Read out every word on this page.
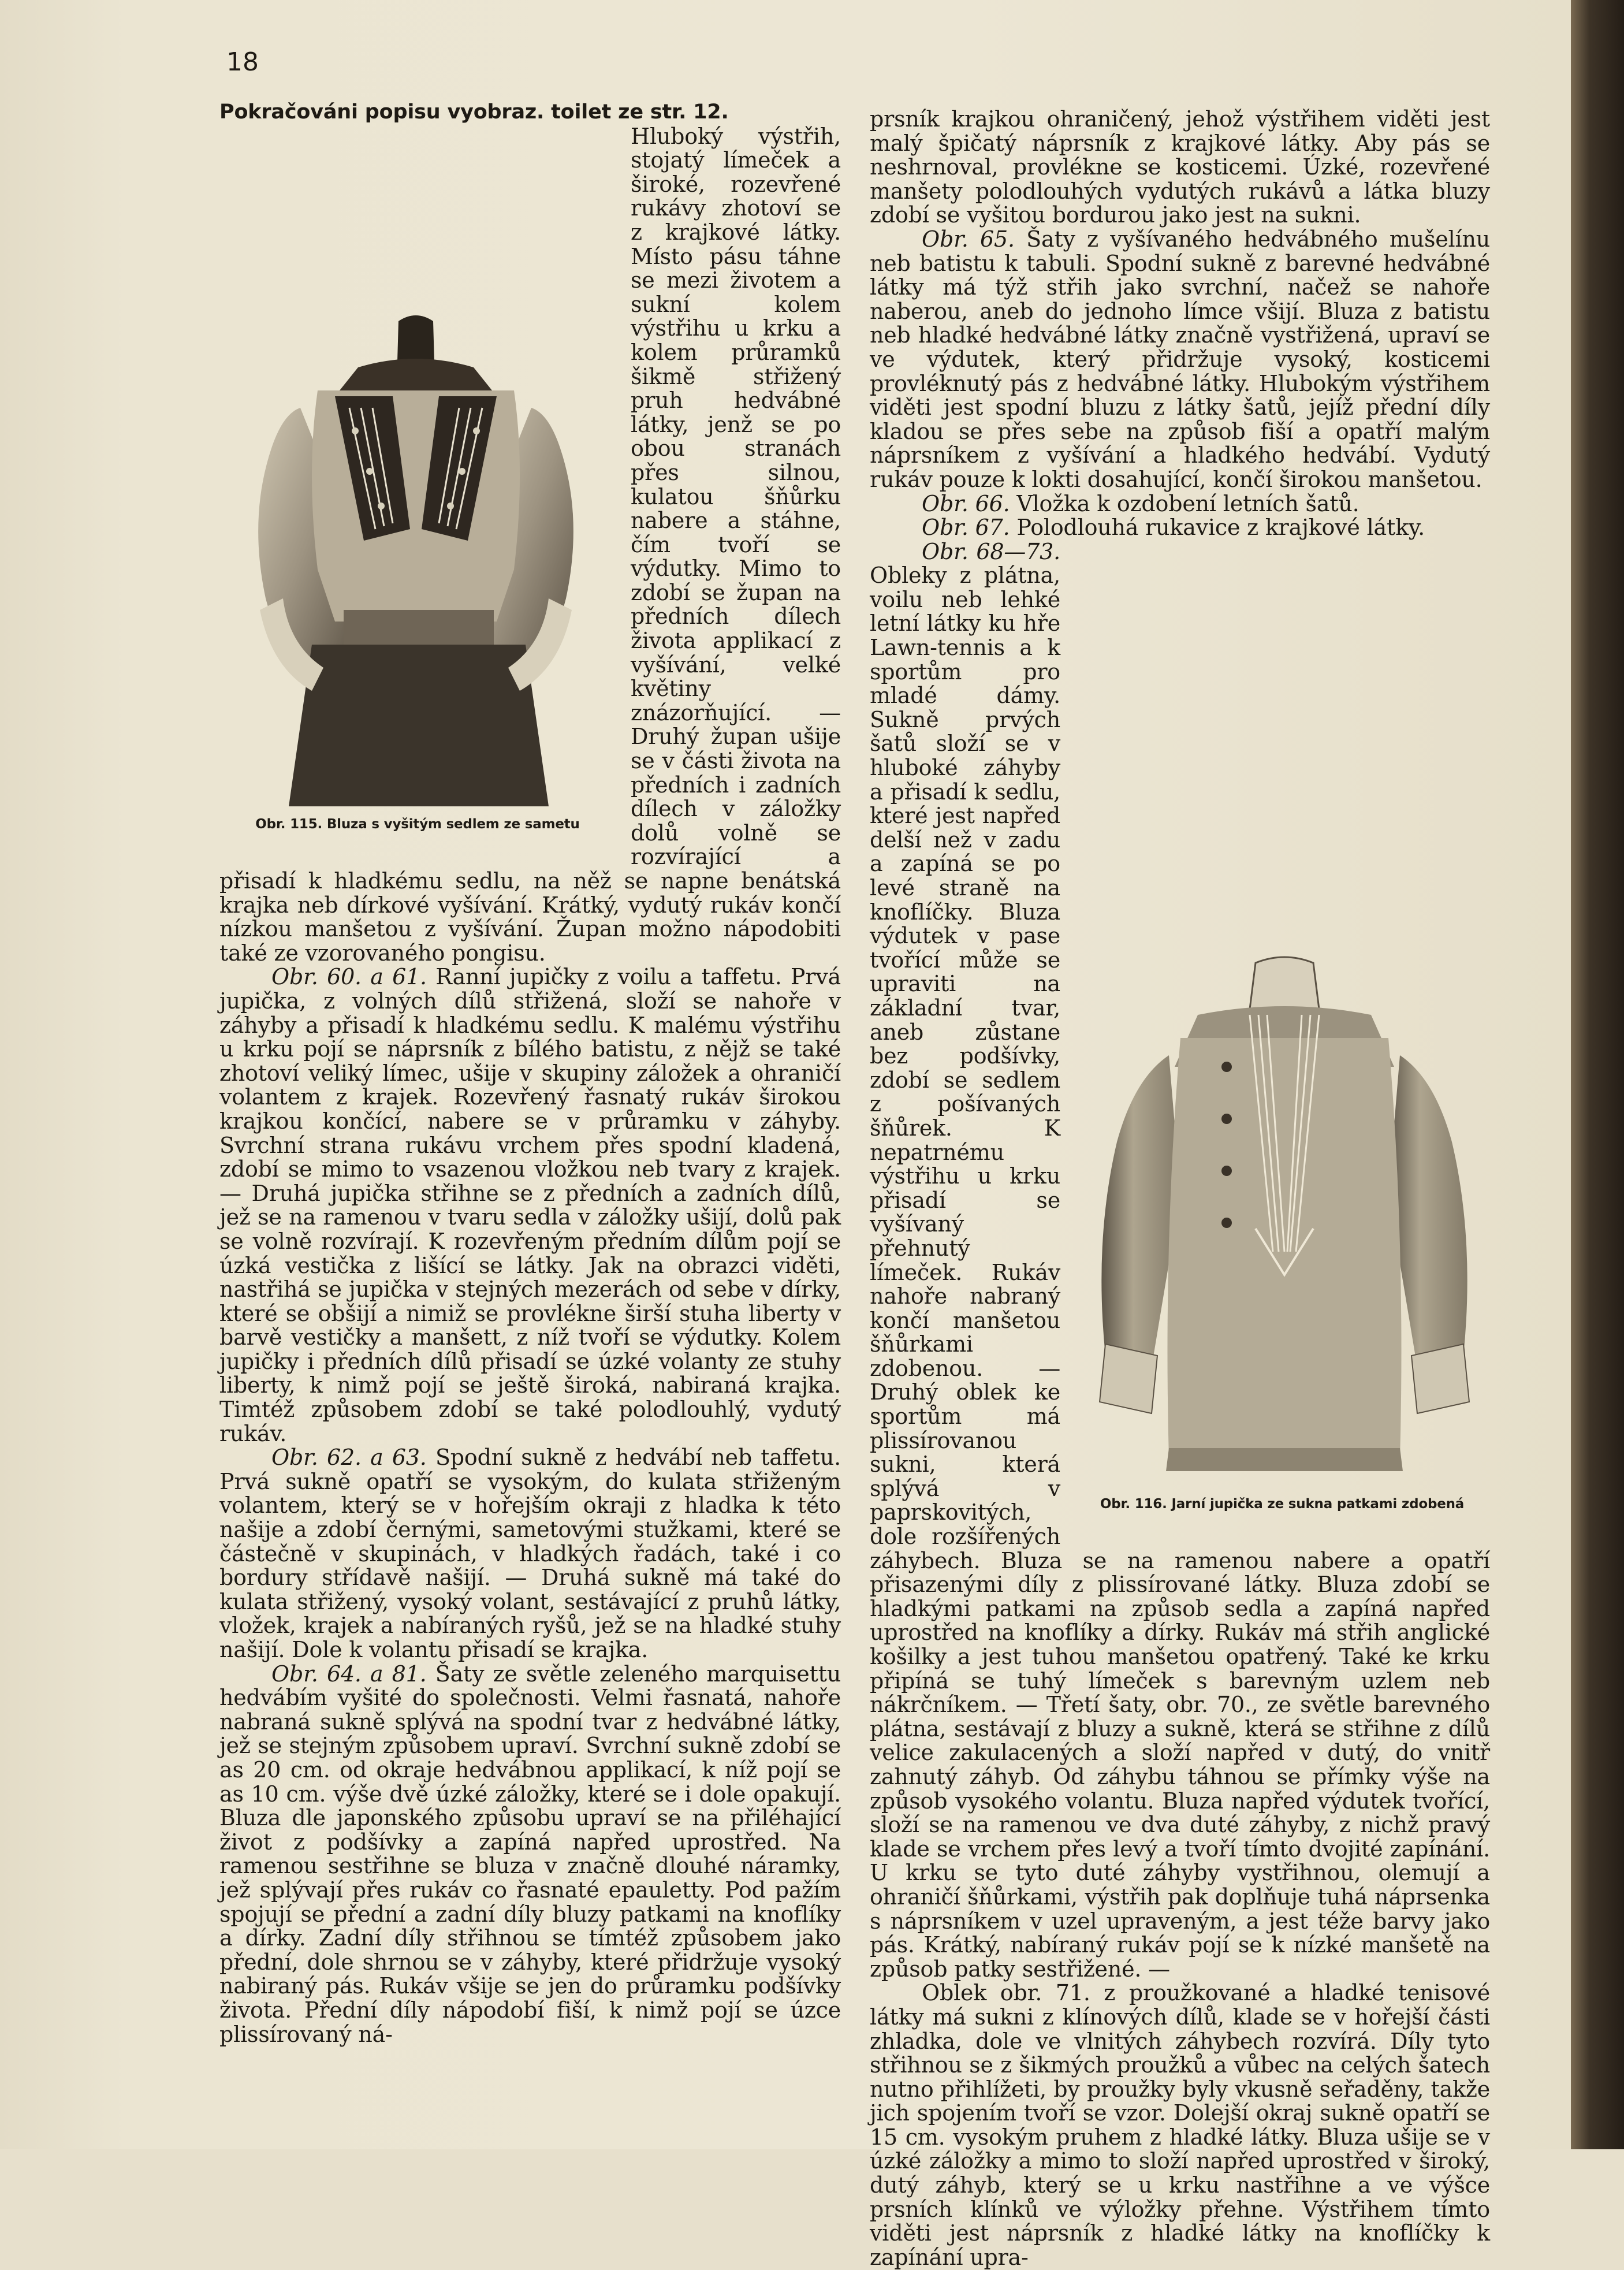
18

Pokračováni popisu vyobraz. toilet ze str. 12.

Obr. 115. Bluza s vyšitým sedlem ze sametu

Hluboký výstřih, stojatý límeček a široké, rozevřené rukávy zhotoví se z krajkové látky. Místo pásu táhne se mezi životem a sukní kolem výstřihu u krku a kolem průramků šikmě střižený pruh hedvábné látky, jenž se po obou stranách přes silnou, kulatou šňůrku nabere a stáhne, čím tvoří se výdutky. Mimo to zdobí se župan na předních dílech života applikací z vyšívání, velké květiny znázorňující. — Druhý župan ušije se v části života na předních i zadních dílech v záložky dolů volně se rozvírající a přisadí k hladkému sedlu, na něž se napne benátská krajka neb dírkové vyšívání. Krátký, vydutý rukáv končí nízkou manšetou z vyšívání. Župan možno nápodobiti také ze vzorovaného pongisu.

Obr. 60. a 61. Ranní jupičky z voilu a taffetu. Prvá jupička, z volných dílů střižená, složí se nahoře v záhyby a přisadí k hladkému sedlu. K malému výstřihu u krku pojí se náprsník z bílého batistu, z nějž se také zhotoví veliký límec, ušije v skupiny záložek a ohraničí volantem z krajek. Rozevřený řasnatý rukáv širokou krajkou končící, nabere se v průramku v záhyby. Svrchní strana rukávu vrchem přes spodní kladená, zdobí se mimo to vsazenou vložkou neb tvary z krajek. — Druhá jupička střihne se z předních a zadních dílů, jež se na ramenou v tvaru sedla v záložky ušijí, dolů pak se volně rozvírají. K rozevřeným předním dílům pojí se úzká vestička z lišící se látky. Jak na obrazci viděti, nastřihá se jupička v stejných mezerách od sebe v dírky, které se obšijí a nimiž se provlékne širší stuha liberty v barvě vestičky a manšett, z níž tvoří se výdutky. Kolem jupičky i předních dílů přisadí se úzké volanty ze stuhy liberty, k nimž pojí se ještě široká, nabiraná krajka. Timtéž způsobem zdobí se také polodlouhlý, vydutý rukáv.

Obr. 62. a 63. Spodní sukně z hedvábí neb taffetu. Prvá sukně opatří se vysokým, do kulata střiženým volantem, který se v hořejším okraji z hladka k této našije a zdobí černými, sametovými stužkami, které se částečně v skupinách, v hladkých řadách, také i co bordury střídavě našijí. — Druhá sukně má také do kulata střižený, vysoký volant, sestávající z pruhů látky, vložek, krajek a nabíraných ryšů, jež se na hladké stuhy našijí. Dole k volantu přisadí se krajka.

Obr. 64. a 81. Šaty ze světle zeleného marquisettu hedvábím vyšité do společnosti. Velmi řasnatá, nahoře nabraná sukně splývá na spodní tvar z hedvábné látky, jež se stejným způsobem upraví. Svrchní sukně zdobí se as 20 cm. od okraje hedvábnou applikací, k níž pojí se as 10 cm. výše dvě úzké záložky, které se i dole opakují. Bluza dle japonského způsobu upraví se na přiléhající život z podšívky a zapíná napřed uprostřed. Na ramenou sestřihne se bluza v značně dlouhé náramky, jež splývají přes rukáv co řasnaté epauletty. Pod pažím spojují se přední a zadní díly bluzy patkami na knoflíky a dírky. Zadní díly střihnou se tímtéž způsobem jako přední, dole shrnou se v záhyby, které přidržuje vysoký nabiraný pás. Rukáv všije se jen do průramku podšívky života. Přední díly nápodobí fiší, k nimž pojí se úzce plissírovaný ná-

prsník krajkou ohraničený, jehož výstřihem viděti jest malý špičatý náprsník z krajkové látky. Aby pás se neshrnoval, provlékne se kosticemi. Úzké, rozevřené manšety polodlouhých vydutých rukávů a látka bluzy zdobí se vyšitou bordurou jako jest na sukni.

Obr. 65. Šaty z vyšívaného hedvábného mušelínu neb batistu k tabuli. Spodní sukně z barevné hedvábné látky má týž střih jako svrchní, načež se nahoře naberou, aneb do jednoho límce všijí. Bluza z batistu neb hladké hedvábné látky značně vystřižená, upraví se ve výdutek, který přidržuje vysoký, kosticemi provléknutý pás z hedvábné látky. Hlubokým výstřihem viděti jest spodní bluzu z látky šatů, jejíž přední díly kladou se přes sebe na způsob fiší a opatří malým náprsníkem z vyšívání a hladkého hedvábí. Vydutý rukáv pouze k lokti dosahující, končí širokou manšetou.

Obr. 66. Vložka k ozdobení letních šatů.

Obr. 67. Polodlouhá rukavice z krajkové látky.

Obr. 116. Jarní jupička ze sukna patkami zdobená

Obr. 68—73. Obleky z plátna, voilu neb lehké letní látky ku hře Lawn-tennis a k sportům pro mladé dámy. Sukně prvých šatů složí se v hluboké záhyby a přisadí k sedlu, které jest napřed delší než v zadu a zapíná se po levé straně na knoflíčky. Bluza výdutek v pase tvořící může se upraviti na základní tvar, aneb zůstane bez podšívky, zdobí se sedlem z pošívaných šňůrek. K nepatrnému výstřihu u krku přisadí se vyšívaný přehnutý límeček. Rukáv nahoře nabraný končí manšetou šňůrkami zdobenou. — Druhý oblek ke sportům má plissírovanou sukni, která splývá v paprskovitých, dole rozšířených záhybech. Bluza se na ramenou nabere a opatří přisazenými díly z plissírované látky. Bluza zdobí se hladkými patkami na způsob sedla a zapíná napřed uprostřed na knoflíky a dírky. Rukáv má střih anglické košilky a jest tuhou manšetou opatřený. Také ke krku připíná se tuhý límeček s barevným uzlem neb nákrčníkem. — Třetí šaty, obr. 70., ze světle barevného plátna, sestávají z bluzy a sukně, která se střihne z dílů velice zakulacených a složí napřed v dutý, do vnitř zahnutý záhyb. Od záhybu táhnou se přímky výše na způsob vysokého volantu. Bluza napřed výdutek tvořící, složí se na ramenou ve dva duté záhyby, z nichž pravý klade se vrchem přes levý a tvoří tímto dvojité zapínání. U krku se tyto duté záhyby vystřihnou, olemují a ohraničí šňůrkami, výstřih pak doplňuje tuhá náprsenka s náprsníkem v uzel upraveným, a jest téže barvy jako pás. Krátký, nabíraný rukáv pojí se k nízké manšetě na způsob patky sestřižené. —

Oblek obr. 71. z proužkované a hladké tenisové látky má sukni z klínových dílů, klade se v hořejší části zhladka, dole ve vlnitých záhybech rozvírá. Díly tyto střihnou se z šikmých proužků a vůbec na celých šatech nutno přihlížeti, by proužky byly vkusně seřaděny, takže jich spojením tvoří se vzor. Dolejší okraj sukně opatří se 15 cm. vysokým pruhem z hladké látky. Bluza ušije se v úzké záložky a mimo to složí napřed uprostřed v široký, dutý záhyb, který se u krku nastřihne a ve výšce prsních klínků ve výložky přehne. Výstřihem tímto viděti jest náprsník z hladké látky na knoflíčky k zapínání upra-
